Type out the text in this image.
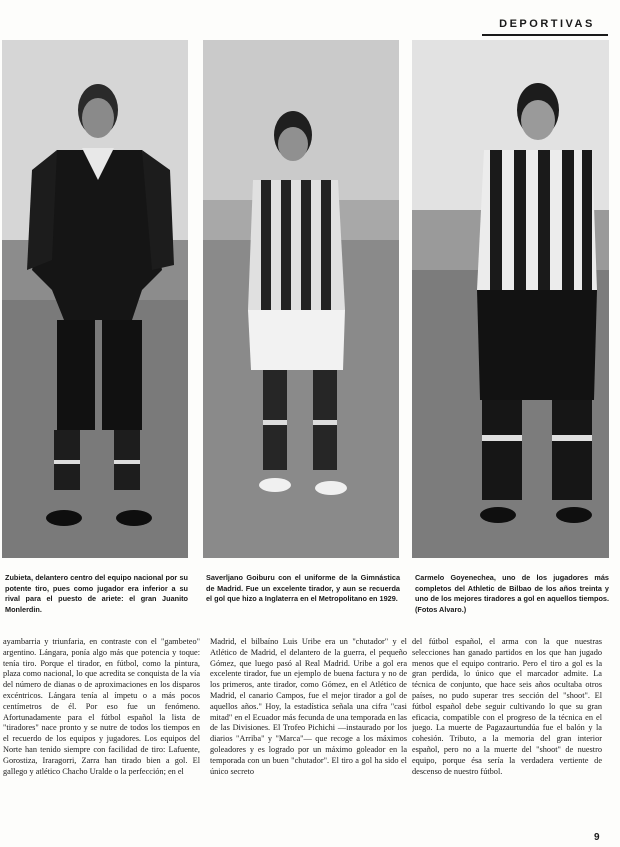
DEPORTIVAS

Zubieta, delantero centro del equipo nacional por su potente tiro, pues como jugador era inferior a su rival para el puesto de ariete: el gran Juanito Monlerdin.

Saverljano Goiburu con el uniforme de la Gimnástica de Madrid. Fue un excelente tirador, y aun se recuerda el gol que hizo a Inglaterra en el Metropolitano en 1929.

Carmelo Goyenechea, uno de los jugadores más completos del Athletic de Bilbao de los años treinta y uno de los mejores tiradores a gol en aquellos tiempos. (Fotos Alvaro.)

ayambarria y triunfaria, en contraste con el "gambeteo" argentino. Lángara, ponía algo más que potencia y toque: tenía tiro. Porque el tirador, en fútbol, como la pintura, plaza como nacional, lo que acredita se conquista de la vía del número de dianas o de aproximaciones en los disparos excéntricos. Lángara tenía al ímpetu o a más pocos centímetros de él. Por eso fue un fenómeno. Afortunadamente para el fútbol español la lista de "tiradores" nace pronto y se nutre de todos los tiempos en el recuerdo de los equipos y jugadores. Los equipos del Norte han tenido siempre con facilidad de tiro: Lafuente, Gorostiza, Iraragorri, Zarra han tirado bien a gol. El gallego y atlético Chacho Uralde o la perfección; en el

Madrid, el bilbaíno Luis Uribe era un "chutador" y el Atlético de Madrid, el delantero de la guerra, el pequeño Gómez, que luego pasó al Real Madrid. Uribe a gol era excelente tirador, fue un ejemplo de buena factura y no de los primeros, ante tirador, como Gómez, en el Atlético de Madrid, el canario Campos, fue el mejor tirador a gol de aquellos años." Hoy, la estadística señala una cifra "casi mitad" en el Ecuador más fecunda de una temporada en las de las Divisiones. El Trofeo Pichichi —instaurado por los diarios "Arriba" y "Marca"— que recoge a los máximos goleadores y es logrado por un máximo goleador en la temporada con un buen "chutador". El tiro a gol ha sido el único secreto

del fútbol español, el arma con la que nuestras selecciones han ganado partidos en los que han jugado menos que el equipo contrario. Pero el tiro a gol es la gran perdida, lo único que el marcador admite. La técnica de conjunto, que hace seis años ocultaba otros países, no pudo superar tres sección del "shoot". El fútbol español debe seguir cultivando lo que su gran eficacia, compatible con el progreso de la técnica en el juego. La muerte de Pagazaurtundúa fue el balón y la cohesión. Tributo, a la memoria del gran interior español, pero no a la muerte del "shoot" de nuestro equipo, porque ésa sería la verdadera vertiente de descenso de nuestro fútbol.

9
